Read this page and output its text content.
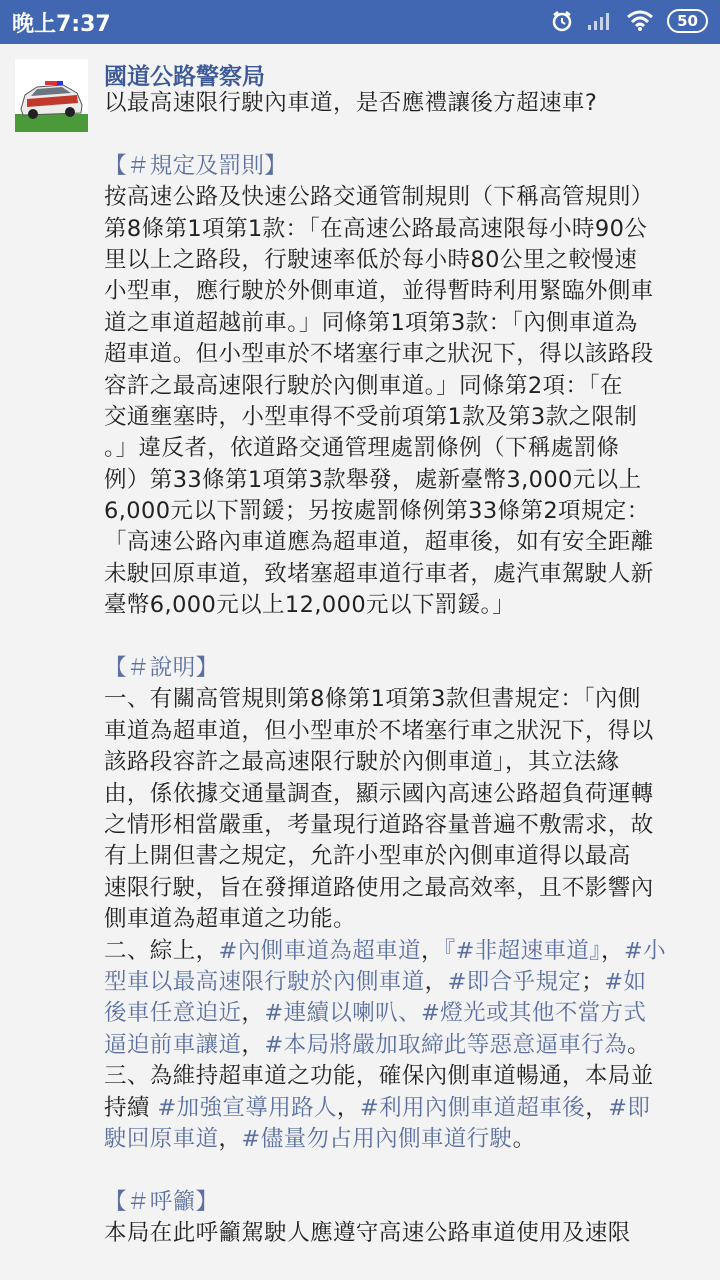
晚上7:37	50
國道公路警察局
以最高速限行駛內車道，是否應禮讓後方超速車?
【＃規定及罰則】
按高速公路及快速公路交通管制規則（下稱高管規則）
第8條第1項第1款：「在高速公路最高速限每小時90公
里以上之路段，行駛速率低於每小時80公里之較慢速
小型車，應行駛於外側車道，並得暫時利用緊臨外側車
道之車道超越前車。」同條第1項第3款：「內側車道為
超車道。但小型車於不堵塞行車之狀況下，得以該路段
容許之最高速限行駛於內側車道。」同條第2項：「在
交通壅塞時，小型車得不受前項第1款及第3款之限制
。」違反者，依道路交通管理處罰條例（下稱處罰條
例）第33條第1項第3款舉發，處新臺幣3,000元以上
6,000元以下罰鍰；另按處罰條例第33條第2項規定：
「高速公路內車道應為超車道，超車後，如有安全距離
未駛回原車道，致堵塞超車道行車者，處汽車駕駛人新
臺幣6,000元以上12,000元以下罰鍰。」
【＃說明】
一、有關高管規則第8條第1項第3款但書規定：「內側
車道為超車道，但小型車於不堵塞行車之狀況下，得以
該路段容許之最高速限行駛於內側車道」，其立法緣
由，係依據交通量調查，顯示國內高速公路超負荷運轉
之情形相當嚴重，考量現行道路容量普遍不敷需求，故
有上開但書之規定，允許小型車於內側車道得以最高
速限行駛，旨在發揮道路使用之最高效率，且不影響內
側車道為超車道之功能。
二、綜上，#內側車道為超車道，『#非超速車道』，#小
型車以最高速限行駛於內側車道，#即合乎規定；#如
後車任意迫近，#連續以喇叭、#燈光或其他不當方式
逼迫前車讓道，#本局將嚴加取締此等惡意逼車行為。
三、為維持超車道之功能，確保內側車道暢通，本局並
持續 #加強宣導用路人，#利用內側車道超車後，#即
駛回原車道，#儘量勿占用內側車道行駛。
【＃呼籲】
本局在此呼籲駕駛人應遵守高速公路車道使用及速限
